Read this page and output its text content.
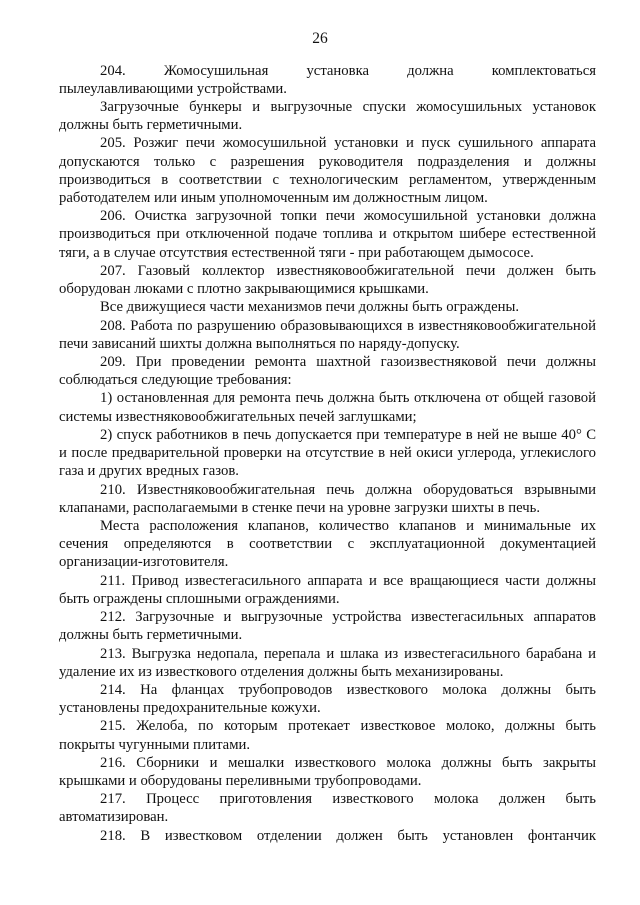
26

204. Жомосушильная установка должна комплектоваться пылеулавливающими устройствами.

Загрузочные бункеры и выгрузочные спуски жомосушильных установок должны быть герметичными.

205. Розжиг печи жомосушильной установки и пуск сушильного аппарата допускаются только с разрешения руководителя подразделения и должны производиться в соответствии с технологическим регламентом, утвержденным работодателем или иным уполномоченным им должностным лицом.

206. Очистка загрузочной топки печи жомосушильной установки должна производиться при отключенной подаче топлива и открытом шибере естественной тяги, а в случае отсутствия естественной тяги - при работающем дымососе.

207. Газовый коллектор известняковообжигательной печи должен быть оборудован люками с плотно закрывающимися крышками.

Все движущиеся части механизмов печи должны быть ограждены.

208. Работа по разрушению образовывающихся в известняковообжигательной печи зависаний шихты должна выполняться по наряду-допуску.

209. При проведении ремонта шахтной газоизвестняковой печи должны соблюдаться следующие требования:

1) остановленная для ремонта печь должна быть отключена от общей газовой системы известняковообжигательных печей заглушками;

2) спуск работников в печь допускается при температуре в ней не выше 40° С и после предварительной проверки на отсутствие в ней окиси углерода, углекислого газа и других вредных газов.

210. Известняковообжигательная печь должна оборудоваться взрывными клапанами, располагаемыми в стенке печи на уровне загрузки шихты в печь.

Места расположения клапанов, количество клапанов и минимальные их сечения определяются в соответствии с эксплуатационной документацией организации-изготовителя.

211. Привод известегасильного аппарата и все вращающиеся части должны быть ограждены сплошными ограждениями.

212. Загрузочные и выгрузочные устройства известегасильных аппаратов должны быть герметичными.

213. Выгрузка недопала, перепала и шлака из известегасильного барабана и удаление их из известкового отделения должны быть механизированы.

214. На фланцах трубопроводов известкового молока должны быть установлены предохранительные кожухи.

215. Желоба, по которым протекает известковое молоко, должны быть покрыты чугунными плитами.

216. Сборники и мешалки известкового молока должны быть закрыты крышками и оборудованы переливными трубопроводами.

217. Процесс приготовления известкового молока должен быть автоматизирован.

218. В известковом отделении должен быть установлен фонтанчик
